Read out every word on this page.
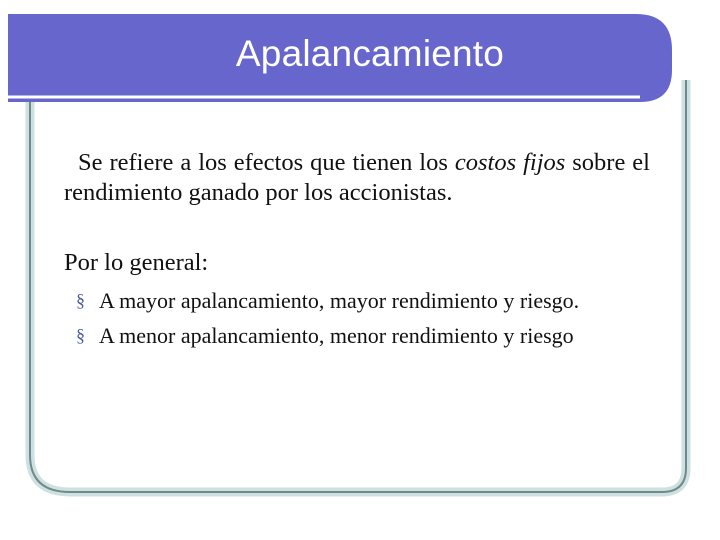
Apalancamiento

Se refiere a los efectos que tienen los costos fijos sobre el rendimiento ganado por los accionistas.

Por lo general:

§ A mayor apalancamiento, mayor rendimiento y riesgo.
§ A menor apalancamiento, menor rendimiento y riesgo
